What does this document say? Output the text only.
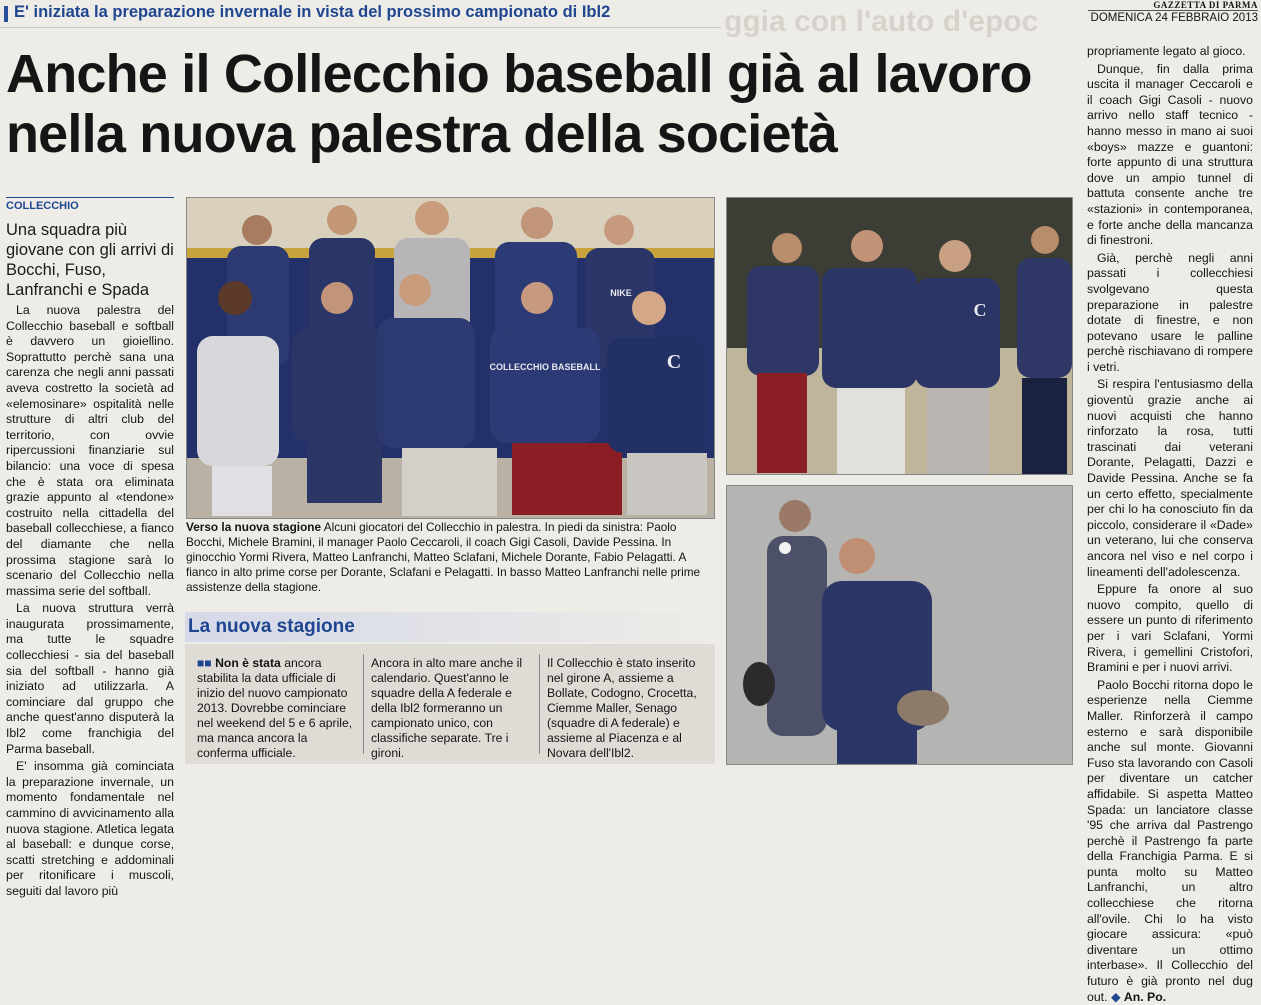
E' iniziata la preparazione invernale in vista del prossimo campionato di Ibl2	ggia con l'auto d'epoc	GAZZETTA DI PARMA
DOMENICA 24 FEBBRAIO 2013
Anche il Collecchio baseball già al lavoro
nella nuova palestra della società
COLLECCHIO
Una squadra più giovane con gli arrivi di Bocchi, Fuso, Lanfranchi e Spada

La nuova palestra del Collecchio baseball e softball è davvero un gioiellino. Soprattutto perchè sana una carenza che negli anni passati aveva costretto la società ad «elemosinare» ospitalità nelle strutture di altri club del territorio, con ovvie ripercussioni finanziarie sul bilancio: una voce di spesa che è stata ora eliminata grazie appunto al «tendone» costruito nella cittadella del baseball collecchiese, a fianco del diamante che nella prossima stagione sarà lo scenario del Collecchio nella massima serie del softball.

La nuova struttura verrà inaugurata prossimamente, ma tutte le squadre collecchiesi - sia del baseball sia del softball - hanno già iniziato ad utilizzarla. A cominciare dal gruppo che anche quest'anno disputerà la Ibl2 come franchigia del Parma baseball.

E' insomma già cominciata la preparazione invernale, un momento fondamentale nel cammino di avvicinamento alla nuova stagione. Atletica legata al baseball: e dunque corse, scatti stretching e addominali per ritonificare i muscoli, seguiti dal lavoro più

NIKE
COLLECCHIO BASEBALL	C
Verso la nuova stagione Alcuni giocatori del Collecchio in palestra. In piedi da sinistra: Paolo Bocchi, Michele Bramini, il manager Paolo Ceccaroli, il coach Gigi Casoli, Davide Pessina. In ginocchio Yormi Rivera, Matteo Lanfranchi, Matteo Sclafani, Michele Dorante, Fabio Pelagatti. A fianco in alto prime corse per Dorante, Sclafani e Pelagatti. In basso Matteo Lanfranchi nelle prime assistenze della stagione.
La nuova stagione
■■ Non è stata ancora stabilita la data ufficiale di inizio del nuovo campionato 2013. Dovrebbe cominciare nel weekend del 5 e 6 aprile, ma manca ancora la conferma ufficiale.
Ancora in alto mare anche il calendario. Quest'anno le squadre della A federale e della Ibl2 formeranno un campionato unico, con classifiche separate. Tre i gironi.
Il Collecchio è stato inserito nel girone A, assieme a Bollate, Codogno, Crocetta, Ciemme Maller, Senago (squadre di A federale) e assieme al Piacenza e al Novara dell'Ibl2.
C

propriamente legato al gioco.

Dunque, fin dalla prima uscita il manager Ceccaroli e il coach Gigi Casoli - nuovo arrivo nello staff tecnico - hanno messo in mano ai suoi «boys» mazze e guantoni: forte appunto di una struttura dove un ampio tunnel di battuta consente anche tre «stazioni» in contemporanea, e forte anche della mancanza di finestroni.

Già, perchè negli anni passati i collecchiesi svolgevano questa preparazione in palestre dotate di finestre, e non potevano usare le palline perchè rischiavano di rompere i vetri.

Si respira l'entusiasmo della gioventù grazie anche ai nuovi acquisti che hanno rinforzato la rosa, tutti trascinati dai veterani Dorante, Pelagatti, Dazzi e Davide Pessina. Anche se fa un certo effetto, specialmente per chi lo ha conosciuto fin da piccolo, considerare il «Dade» un veterano, lui che conserva ancora nel viso e nel corpo i lineamenti dell'adolescenza.

Eppure fa onore al suo nuovo compito, quello di essere un punto di riferimento per i vari Sclafani, Yormi Rivera, i gemellini Cristofori, Bramini e per i nuovi arrivi.

Paolo Bocchi ritorna dopo le esperienze nella Ciemme Maller. Rinforzerà il campo esterno e sarà disponibile anche sul monte. Giovanni Fuso sta lavorando con Casoli per diventare un catcher affidabile. Si aspetta Matteo Spada: un lanciatore classe '95 che arriva dal Pastrengo perchè il Pastrengo fa parte della Franchigia Parma. E si punta molto su Matteo Lanfranchi, un altro collecchiese che ritorna all'ovile. Chi lo ha visto giocare assicura: «può diventare un ottimo interbase». Il Collecchio del futuro è già pronto nel dug out. ◆ An. Po.
